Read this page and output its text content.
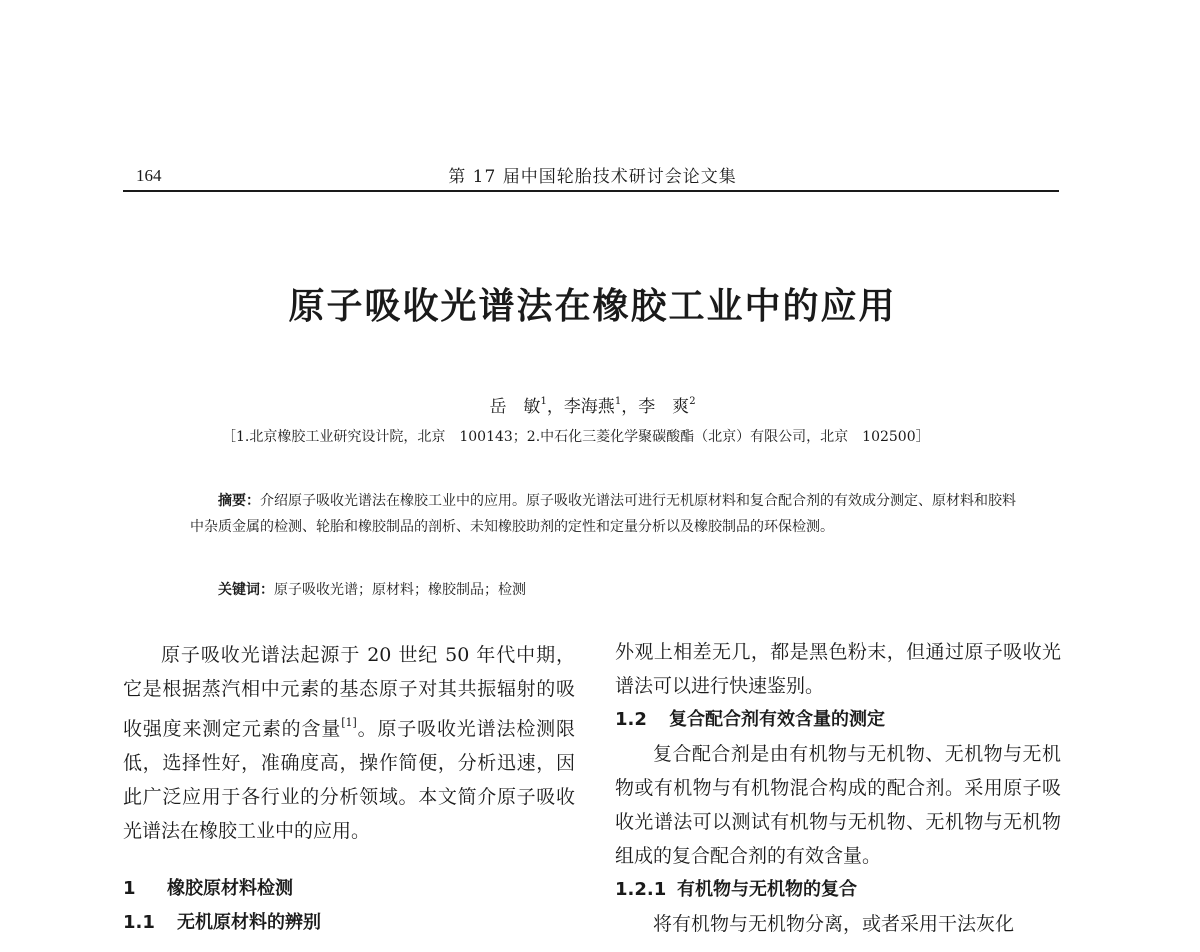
164	第 17 届中国轮胎技术研讨会论文集
原子吸收光谱法在橡胶工业中的应用
岳　敏$^1$，李海燕$^1$，李　爽$^2$
［1.北京橡胶工业研究设计院，北京　100143；2.中石化三菱化学聚碳酸酯（北京）有限公司，北京　102500］
摘要：介绍原子吸收光谱法在橡胶工业中的应用。原子吸收光谱法可进行无机原材料和复合配合剂的有效成分测定、原材料和胶料中杂质金属的检测、轮胎和橡胶制品的剖析、未知橡胶助剂的定性和定量分析以及橡胶制品的环保检测。
关键词：原子吸收光谱；原材料；橡胶制品；检测

原子吸收光谱法起源于 20 世纪 50 年代中期，它是根据蒸汽相中元素的基态原子对其共振辐射的吸收强度来测定元素的含量[1]。原子吸收光谱法检测限低，选择性好，准确度高，操作简便，分析迅速，因此广泛应用于各行业的分析领域。本文简介原子吸收光谱法在橡胶工业中的应用。

1 橡胶原材料检测

1.1 无机原材料的辨别

外观上相差无几，都是黑色粉末，但通过原子吸收光谱法可以进行快速鉴别。

1.2 复合配合剂有效含量的测定

复合配合剂是由有机物与无机物、无机物与无机物或有机物与有机物混合构成的配合剂。采用原子吸收光谱法可以测试有机物与无机物、无机物与无机物组成的复合配合剂的有效含量。

1.2.1 有机物与无机物的复合

将有机物与无机物分离，或者采用干法灰化
